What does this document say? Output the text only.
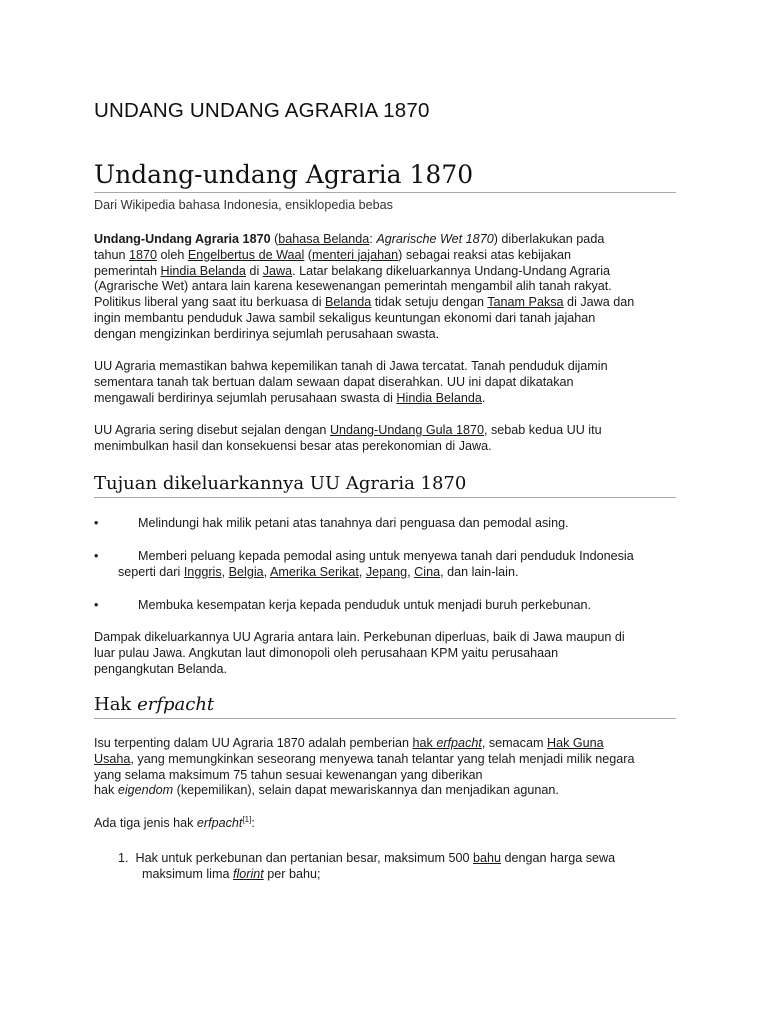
UNDANG UNDANG AGRARIA 1870
Undang-undang Agraria 1870
Dari Wikipedia bahasa Indonesia, ensiklopedia bebas
Undang-Undang Agraria 1870 (bahasa Belanda: Agrarische Wet 1870) diberlakukan pada
tahun 1870 oleh Engelbertus de Waal (menteri jajahan) sebagai reaksi atas kebijakan
pemerintah Hindia Belanda di Jawa. Latar belakang dikeluarkannya Undang-Undang Agraria
(Agrarische Wet) antara lain karena kesewenangan pemerintah mengambil alih tanah rakyat.
Politikus liberal yang saat itu berkuasa di Belanda tidak setuju dengan Tanam Paksa di Jawa dan
ingin membantu penduduk Jawa sambil sekaligus keuntungan ekonomi dari tanah jajahan
dengan mengizinkan berdirinya sejumlah perusahaan swasta.
UU Agraria memastikan bahwa kepemilikan tanah di Jawa tercatat. Tanah penduduk dijamin
sementara tanah tak bertuan dalam sewaan dapat diserahkan. UU ini dapat dikatakan
mengawali berdirinya sejumlah perusahaan swasta di Hindia Belanda.
UU Agraria sering disebut sejalan dengan Undang-Undang Gula 1870, sebab kedua UU itu
menimbulkan hasil dan konsekuensi besar atas perekonomian di Jawa.
Tujuan dikeluarkannya UU Agraria 1870
•	Melindungi hak milik petani atas tanahnya dari penguasa dan pemodal asing.
•	Memberi peluang kepada pemodal asing untuk menyewa tanah dari penduduk Indonesia
seperti dari Inggris, Belgia, Amerika Serikat, Jepang, Cina, dan lain-lain.
•	Membuka kesempatan kerja kepada penduduk untuk menjadi buruh perkebunan.
Dampak dikeluarkannya UU Agraria antara lain. Perkebunan diperluas, baik di Jawa maupun di
luar pulau Jawa. Angkutan laut dimonopoli oleh perusahaan KPM yaitu perusahaan
pengangkutan Belanda.
Hak erfpacht
Isu terpenting dalam UU Agraria 1870 adalah pemberian hak erfpacht, semacam Hak Guna
Usaha, yang memungkinkan seseorang menyewa tanah telantar yang telah menjadi milik negara
yang selama maksimum 75 tahun sesuai kewenangan yang diberikan
hak eigendom (kepemilikan), selain dapat mewariskannya dan menjadikan agunan.
Ada tiga jenis hak erfpacht[1]:
1. Hak untuk perkebunan dan pertanian besar, maksimum 500 bahu dengan harga sewa
maksimum lima florint per bahu;
